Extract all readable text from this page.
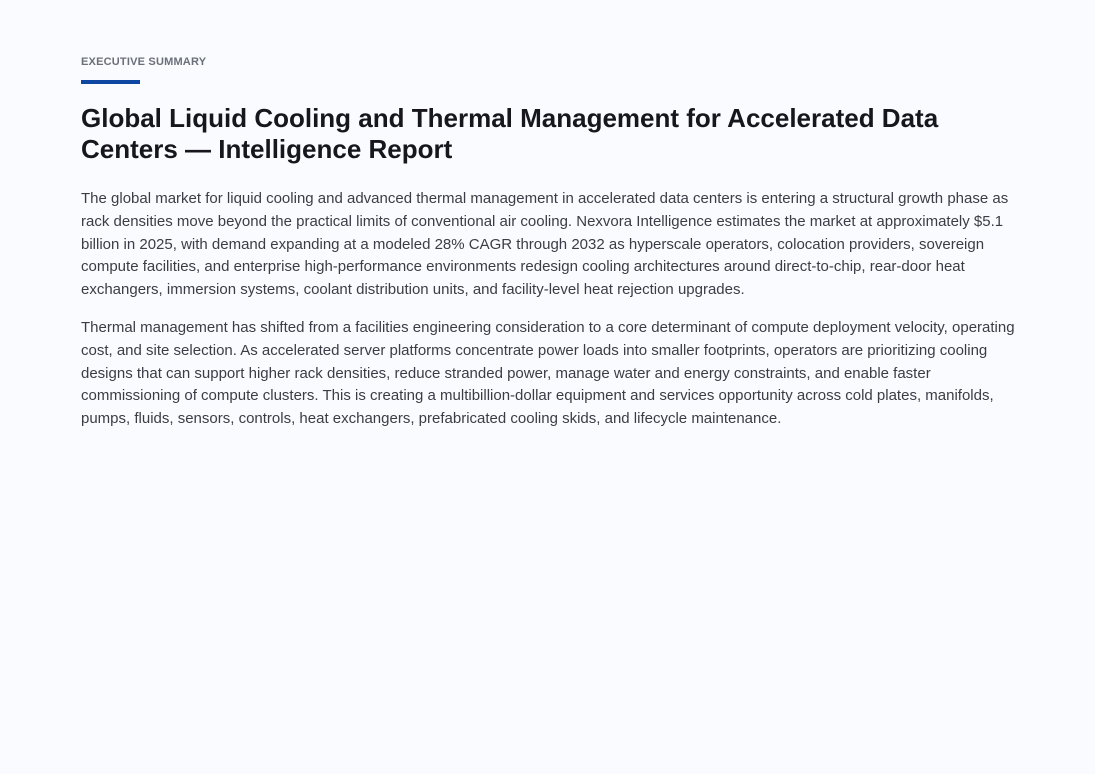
EXECUTIVE SUMMARY

Global Liquid Cooling and Thermal Management for Accelerated Data Centers — Intelligence Report

The global market for liquid cooling and advanced thermal management in accelerated data centers is entering a structural growth phase as rack densities move beyond the practical limits of conventional air cooling. Nexvora Intelligence estimates the market at approximately $5.1 billion in 2025, with demand expanding at a modeled 28% CAGR through 2032 as hyperscale operators, colocation providers, sovereign compute facilities, and enterprise high-performance environments redesign cooling architectures around direct-to-chip, rear-door heat exchangers, immersion systems, coolant distribution units, and facility-level heat rejection upgrades.

Thermal management has shifted from a facilities engineering consideration to a core determinant of compute deployment velocity, operating cost, and site selection. As accelerated server platforms concentrate power loads into smaller footprints, operators are prioritizing cooling designs that can support higher rack densities, reduce stranded power, manage water and energy constraints, and enable faster commissioning of compute clusters. This is creating a multibillion-dollar equipment and services opportunity across cold plates, manifolds, pumps, fluids, sensors, controls, heat exchangers, prefabricated cooling skids, and lifecycle maintenance.
